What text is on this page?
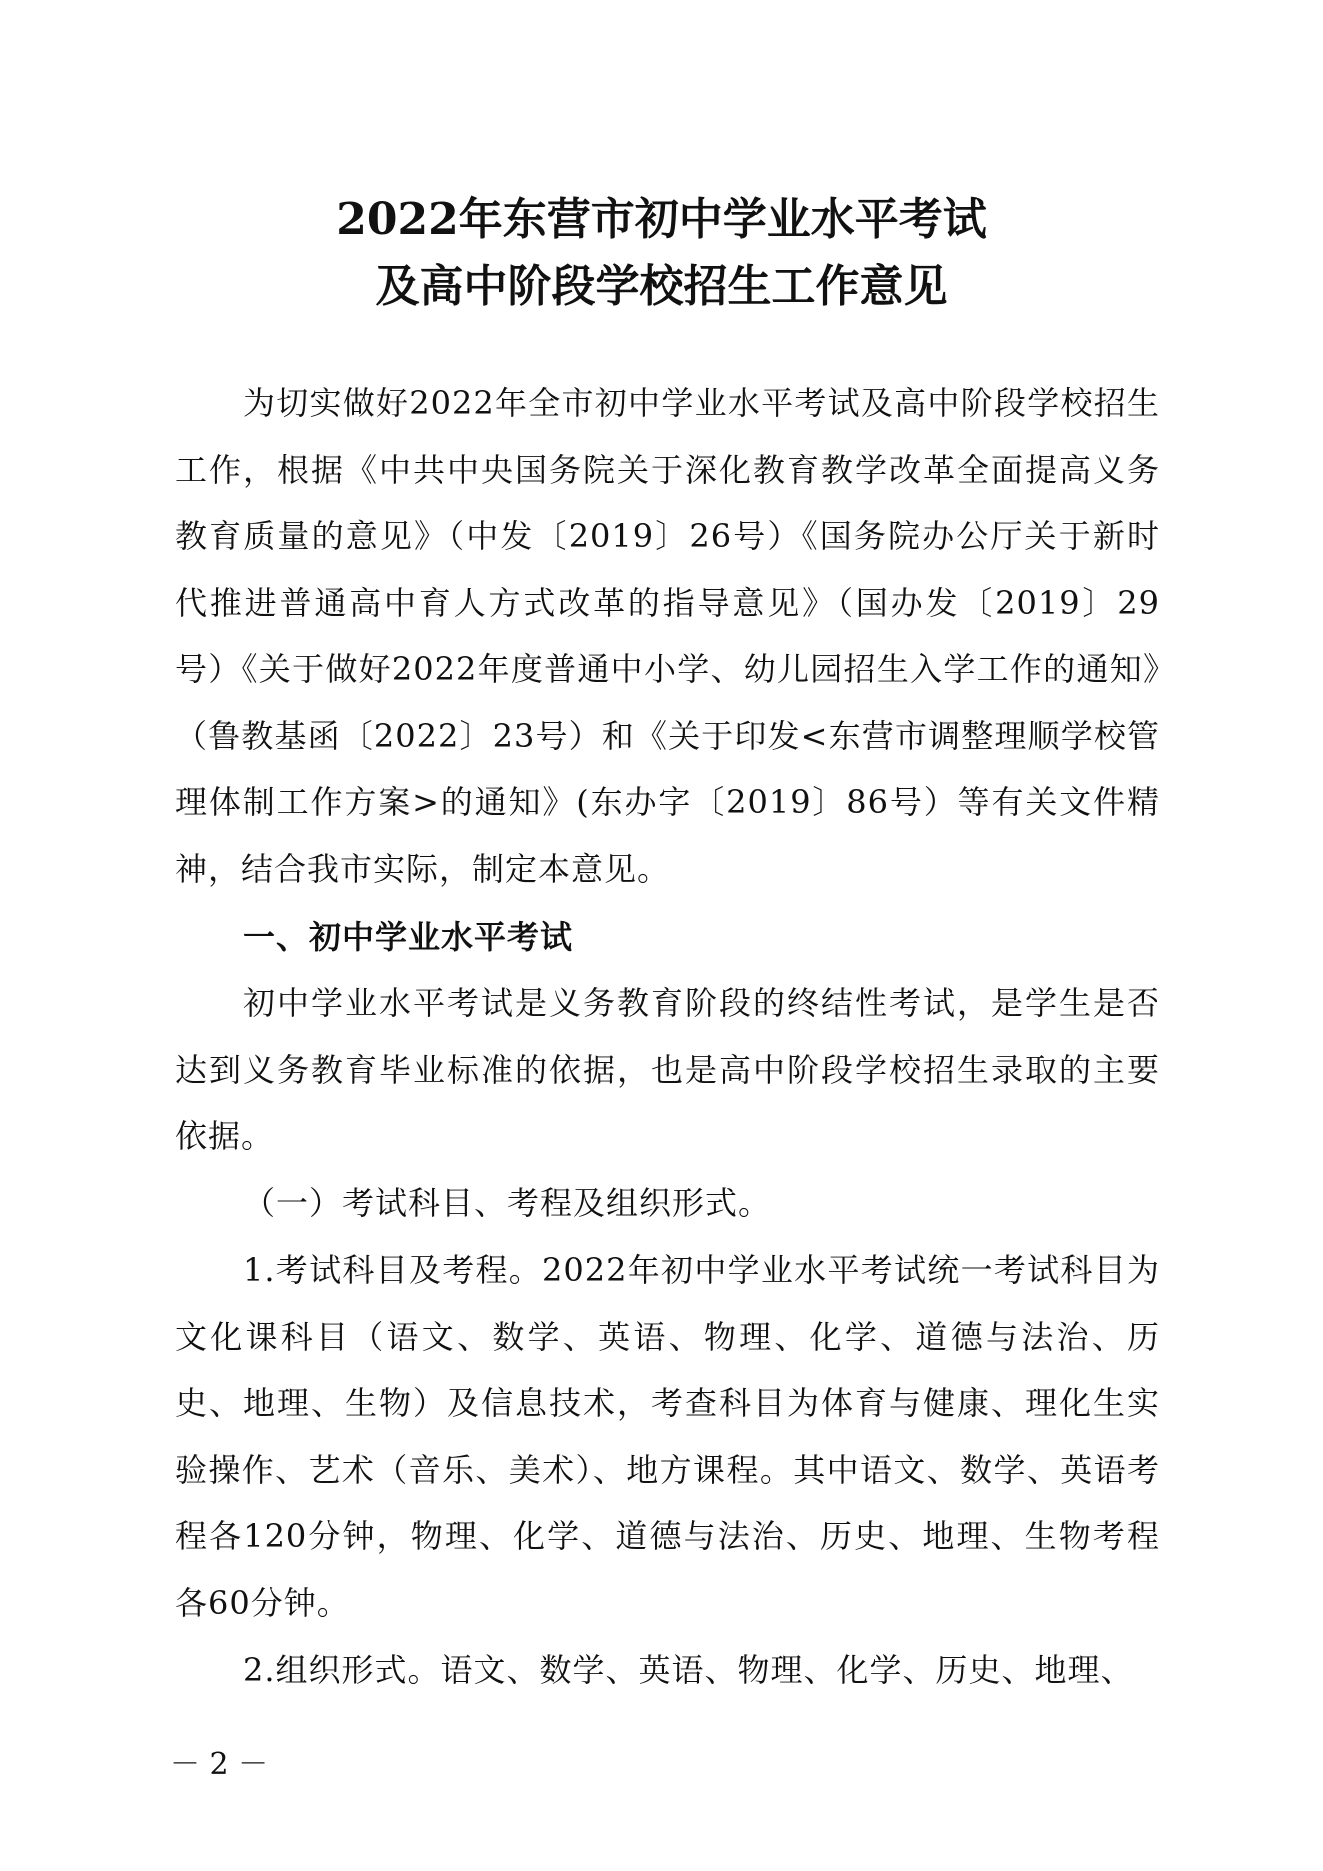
2022年东营市初中学业水平考试
及高中阶段学校招生工作意见

为切实做好2022年全市初中学业水平考试及高中阶段学校招生工作，根据《中共中央国务院关于深化教育教学改革全面提高义务教育质量的意见》（中发〔2019〕26号）《国务院办公厅关于新时代推进普通高中育人方式改革的指导意见》（国办发〔2019〕29号）《关于做好2022年度普通中小学、幼儿园招生入学工作的通知》（鲁教基函〔2022〕23号）和《关于印发<东营市调整理顺学校管理体制工作方案>的通知》(东办字〔2019〕86号）等有关文件精神，结合我市实际，制定本意见。

一、初中学业水平考试

初中学业水平考试是义务教育阶段的终结性考试，是学生是否达到义务教育毕业标准的依据，也是高中阶段学校招生录取的主要依据。

（一）考试科目、考程及组织形式。

1.考试科目及考程。2022年初中学业水平考试统一考试科目为文化课科目（语文、数学、英语、物理、化学、道德与法治、历史、地理、生物）及信息技术，考查科目为体育与健康、理化生实验操作、艺术（音乐、美术）、地方课程。其中语文、数学、英语考程各120分钟，物理、化学、道德与法治、历史、地理、生物考程各60分钟。

2.组织形式。语文、数学、英语、物理、化学、历史、地理、

－ 2 －
